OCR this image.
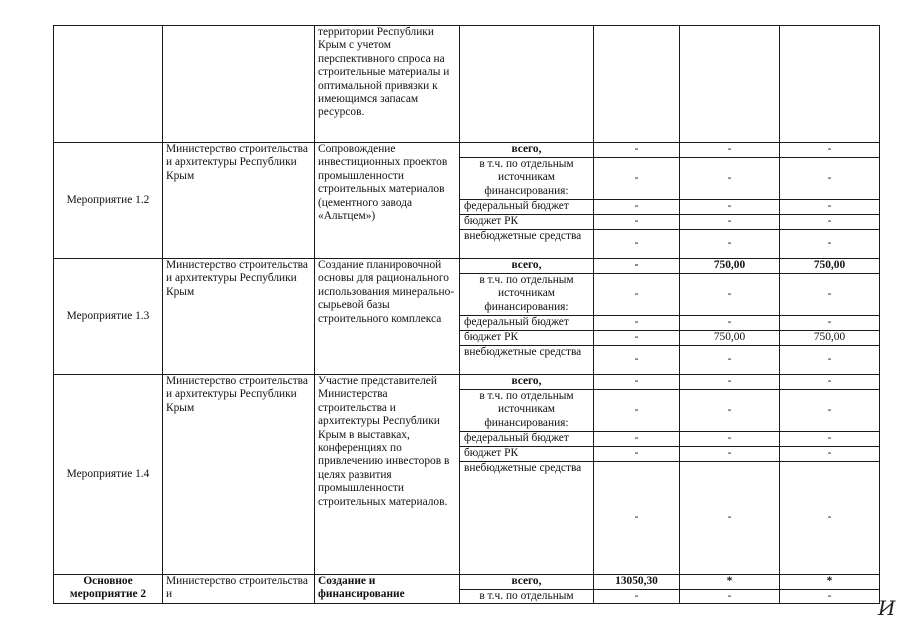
		территории Республики Крым с учетом перспективного спроса на строительные материалы и оптимальной привязки к имеющимся запасам ресурсов.				
Мероприятие 1.2	Министерство строительства и архитектуры Республики Крым	Сопровождение инвестиционных проектов промышленности строительных материалов (цементного завода «Альтцем»)	всего,	-	-	-
			в т.ч. по отдельным источникам финансирования:	-	-	-
			федеральный бюджет	-	-	-
			бюджет РК	-	-	-
			внебюджетные средства	-	-	-
Мероприятие 1.3	Министерство строительства и архитектуры Республики Крым	Создание планировочной основы для рационального использования минерально-сырьевой базы строительного комплекса	всего,	-	750,00	750,00
			в т.ч. по отдельным источникам финансирования:	-	-	-
			федеральный бюджет	-	-	-
			бюджет РК	-	750,00	750,00
			внебюджетные средства	-	-	-
Мероприятие 1.4	Министерство строительства и архитектуры Республики Крым	Участие представителей Министерства строительства и архитектуры Республики Крым в выставках, конференциях по привлечению инвесторов в целях развития промышленности строительных материалов.	всего,	-	-	-
			в т.ч. по отдельным источникам финансирования:	-	-	-
			федеральный бюджет	-	-	-
			бюджет РК	-	-	-
			внебюджетные средства	-	-	-
Основное мероприятие 2	Министерство строительства и	Создание и финансирование	всего,	13050,30	*	*
			в т.ч. по отдельным	-	-	- И
